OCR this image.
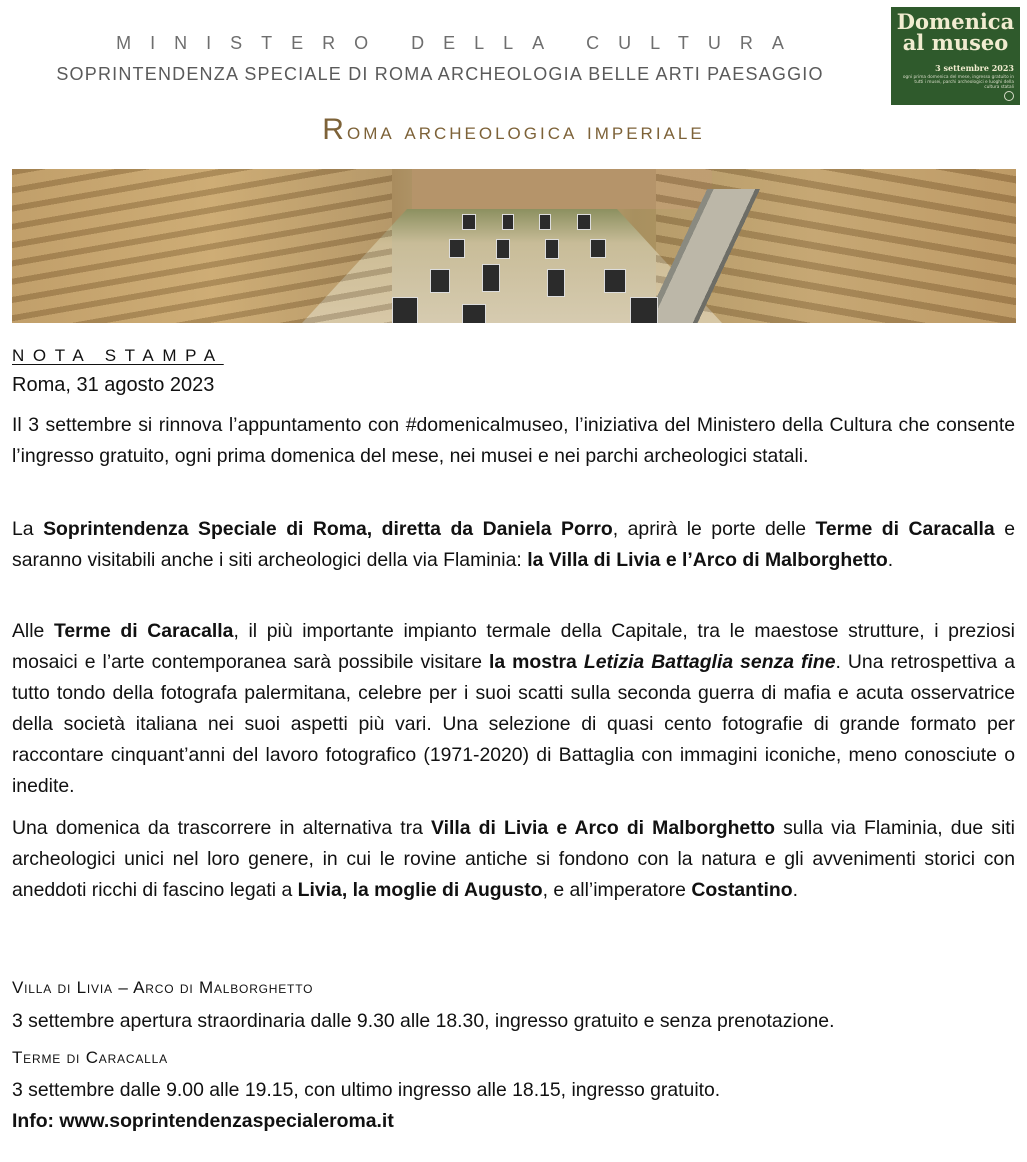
MINISTERO DELLA CULTURA
SOPRINTENDENZA SPECIALE DI ROMA ARCHEOLOGIA BELLE ARTI PAESAGGIO
Roma archeologica imperiale
Domenica
al museo
3 settembre 2023
ogni prima domenica del mese, ingresso gratuito in tutti i musei, parchi archeologici e luoghi della cultura statali
NOTA STAMPA
Roma, 31 agosto 2023

Il 3 settembre si rinnova l’appuntamento con #domenicalmuseo, l’iniziativa del Ministero della Cultura che consente l’ingresso gratuito, ogni prima domenica del mese, nei musei e nei parchi archeologici statali.

La Soprintendenza Speciale di Roma, diretta da Daniela Porro, aprirà le porte delle Terme di Caracalla e saranno visitabili anche i siti archeologici della via Flaminia: la Villa di Livia e l’Arco di Malborghetto.

Alle Terme di Caracalla, il più importante impianto termale della Capitale, tra le maestose strutture, i preziosi mosaici e l’arte contemporanea sarà possibile visitare la mostra Letizia Battaglia senza fine. Una retrospettiva a tutto tondo della fotografa palermitana, celebre per i suoi scatti sulla seconda guerra di mafia e acuta osservatrice della società italiana nei suoi aspetti più vari. Una selezione di quasi cento fotografie di grande formato per raccontare cinquant’anni del lavoro fotografico (1971-2020) di Battaglia con immagini iconiche, meno conosciute o inedite.

Una domenica da trascorrere in alternativa tra Villa di Livia e Arco di Malborghetto sulla via Flaminia, due siti archeologici unici nel loro genere, in cui le rovine antiche si fondono con la natura e gli avvenimenti storici con aneddoti ricchi di fascino legati a Livia, la moglie di Augusto, e all’imperatore Costantino.

Villa di Livia – Arco di Malborghetto
3 settembre apertura straordinaria dalle 9.30 alle 18.30, ingresso gratuito e senza prenotazione.
Terme di Caracalla
3 settembre dalle 9.00 alle 19.15, con ultimo ingresso alle 18.15, ingresso gratuito.
Info: www.soprintendenzaspecialeroma.it
